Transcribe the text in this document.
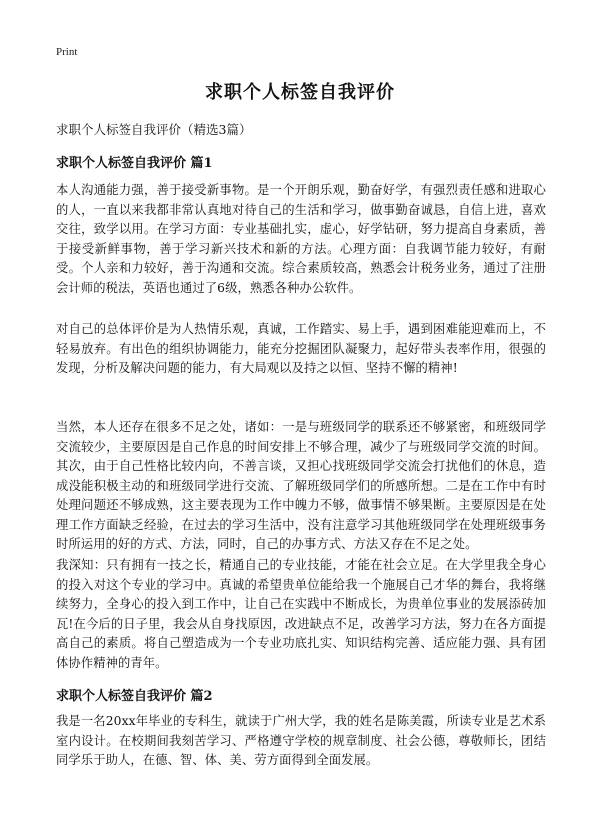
Print
求职个人标签自我评价

求职个人标签自我评价（精选3篇）

求职个人标签自我评价 篇1

本人沟通能力强，善于接受新事物。是一个开朗乐观，勤奋好学，有强烈责任感和进取心的人，一直以来我都非常认真地对待自己的生活和学习，做事勤奋诚恳，自信上进，喜欢交往，致学以用。在学习方面：专业基础扎实，虚心，好学钻研，努力提高自身素质，善于接受新鲜事物，善于学习新兴技术和新的方法。心理方面：自我调节能力较好，有耐受。个人亲和力较好，善于沟通和交流。综合素质较高，熟悉会计税务业务，通过了注册会计师的税法，英语也通过了6级，熟悉各种办公软件。

对自己的总体评价是为人热情乐观，真诚，工作踏实、易上手，遇到困难能迎难而上，不轻易放弃。有出色的组织协调能力，能充分挖掘团队凝聚力，起好带头表率作用，很强的发现，分析及解决问题的能力，有大局观以及持之以恒、坚持不懈的精神!

当然，本人还存在很多不足之处，诸如：一是与班级同学的联系还不够紧密，和班级同学交流较少，主要原因是自己作息的时间安排上不够合理，减少了与班级同学交流的时间。其次，由于自己性格比较内向，不善言谈，又担心找班级同学交流会打扰他们的休息，造成没能积极主动的和班级同学进行交流、了解班级同学们的所感所想。二是在工作中有时处理问题还不够成熟，这主要表现为工作中魄力不够，做事情不够果断。主要原因是在处理工作方面缺乏经验，在过去的学习生活中，没有注意学习其他班级同学在处理班级事务时所运用的好的方式、方法，同时，自己的办事方式、方法又存在不足之处。

我深知：只有拥有一技之长，精通自己的专业技能，才能在社会立足。在大学里我全身心的投入对这个专业的学习中。真诚的希望贵单位能给我一个施展自己才华的舞台，我将继续努力，全身心的投入到工作中，让自己在实践中不断成长，为贵单位事业的发展添砖加瓦!在今后的日子里，我会从自身找原因，改进缺点不足，改善学习方法，努力在各方面提高自己的素质。将自己塑造成为一个专业功底扎实、知识结构完善、适应能力强、具有团体协作精神的青年。

求职个人标签自我评价 篇2

我是一名20xx年毕业的专科生，就读于广州大学，我的姓名是陈美霞，所读专业是艺术系室内设计。在校期间我刻苦学习、严格遵守学校的规章制度、社会公德，尊敬师长，团结同学乐于助人，在德、智、体、美、劳方面得到全面发展。
